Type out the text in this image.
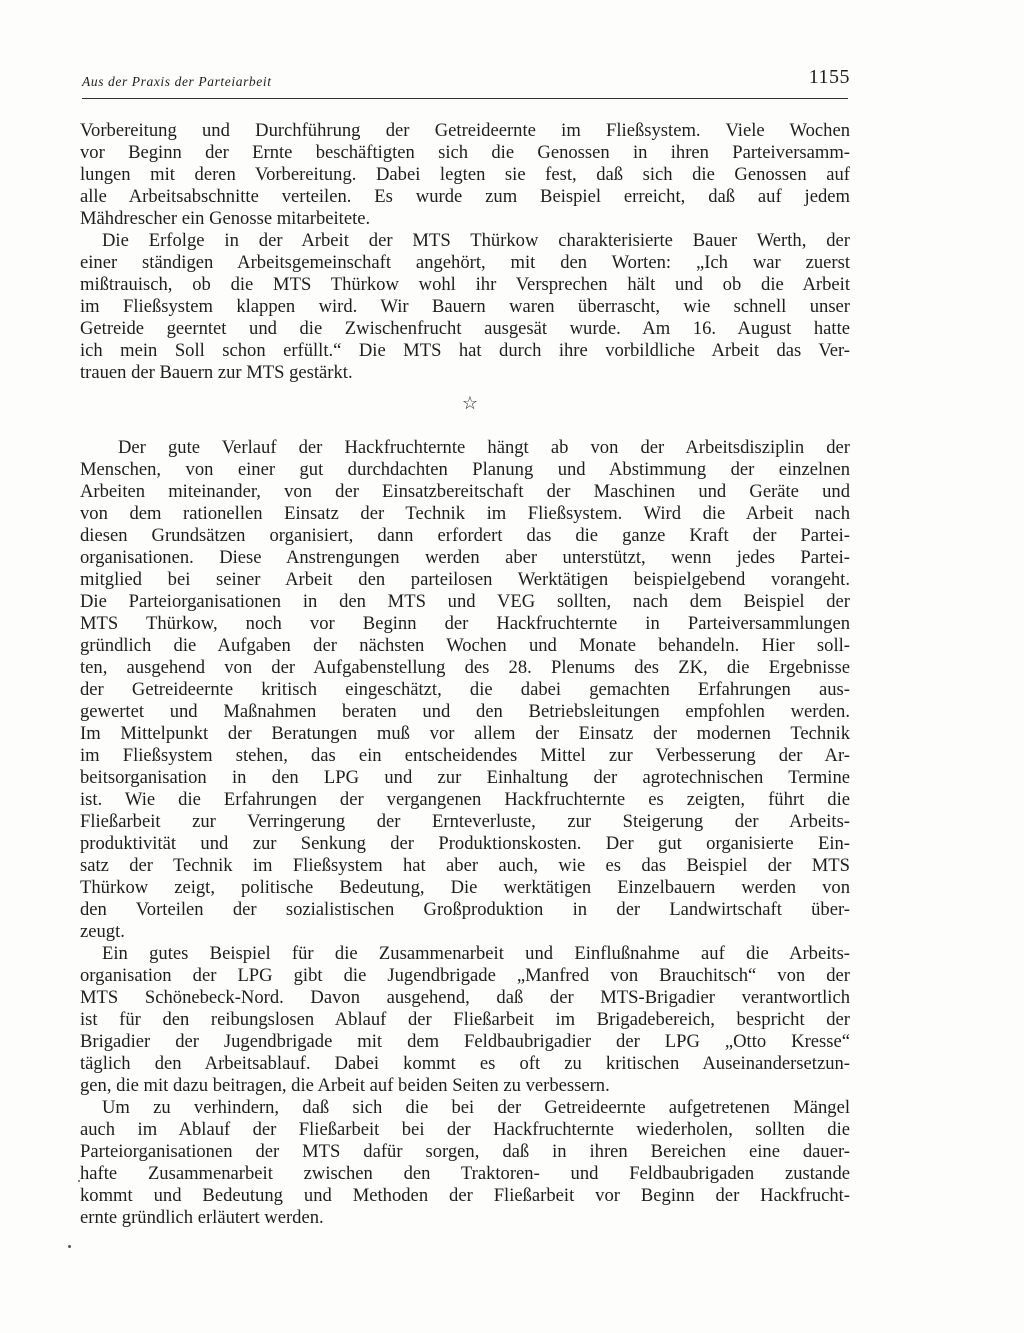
Aus der Praxis der Parteiarbeit	1155
Vorbereitung und Durchführung der Getreideernte im Fließsystem. Viele Wochen
vor Beginn der Ernte beschäftigten sich die Genossen in ihren Parteiversamm-
lungen mit deren Vorbereitung. Dabei legten sie fest, daß sich die Genossen auf
alle Arbeitsabschnitte verteilen. Es wurde zum Beispiel erreicht, daß auf jedem
Mähdrescher ein Genosse mitarbeitete.
Die Erfolge in der Arbeit der MTS Thürkow charakterisierte Bauer Werth, der
einer ständigen Arbeitsgemeinschaft angehört, mit den Worten: „Ich war zuerst
mißtrauisch, ob die MTS Thürkow wohl ihr Versprechen hält und ob die Arbeit
im Fließsystem klappen wird. Wir Bauern waren überrascht, wie schnell unser
Getreide geerntet und die Zwischenfrucht ausgesät wurde. Am 16. August hatte
ich mein Soll schon erfüllt.“ Die MTS hat durch ihre vorbildliche Arbeit das Ver-
trauen der Bauern zur MTS gestärkt.
☆
Der gute Verlauf der Hackfruchternte hängt ab von der Arbeitsdisziplin der
Menschen, von einer gut durchdachten Planung und Abstimmung der einzelnen
Arbeiten miteinander, von der Einsatzbereitschaft der Maschinen und Geräte und
von dem rationellen Einsatz der Technik im Fließsystem. Wird die Arbeit nach
diesen Grundsätzen organisiert, dann erfordert das die ganze Kraft der Partei-
organisationen. Diese Anstrengungen werden aber unterstützt, wenn jedes Partei-
mitglied bei seiner Arbeit den parteilosen Werktätigen beispielgebend vorangeht.
Die Parteiorganisationen in den MTS und VEG sollten, nach dem Beispiel der
MTS Thürkow, noch vor Beginn der Hackfruchternte in Parteiversammlungen
gründlich die Aufgaben der nächsten Wochen und Monate behandeln. Hier soll-
ten, ausgehend von der Aufgabenstellung des 28. Plenums des ZK, die Ergebnisse
der Getreideernte kritisch eingeschätzt, die dabei gemachten Erfahrungen aus-
gewertet und Maßnahmen beraten und den Betriebsleitungen empfohlen werden.
Im Mittelpunkt der Beratungen muß vor allem der Einsatz der modernen Technik
im Fließsystem stehen, das ein entscheidendes Mittel zur Verbesserung der Ar-
beitsorganisation in den LPG und zur Einhaltung der agrotechnischen Termine
ist. Wie die Erfahrungen der vergangenen Hackfruchternte es zeigten, führt die
Fließarbeit zur Verringerung der Ernteverluste, zur Steigerung der Arbeits-
produktivität und zur Senkung der Produktionskosten. Der gut organisierte Ein-
satz der Technik im Fließsystem hat aber auch, wie es das Beispiel der MTS
Thürkow zeigt, politische Bedeutung, Die werktätigen Einzelbauern werden von
den Vorteilen der sozialistischen Großproduktion in der Landwirtschaft über-
zeugt.
Ein gutes Beispiel für die Zusammenarbeit und Einflußnahme auf die Arbeits-
organisation der LPG gibt die Jugendbrigade „Manfred von Brauchitsch“ von der
MTS Schönebeck-Nord. Davon ausgehend, daß der MTS-Brigadier verantwortlich
ist für den reibungslosen Ablauf der Fließarbeit im Brigadebereich, bespricht der
Brigadier der Jugendbrigade mit dem Feldbaubrigadier der LPG „Otto Kresse“
täglich den Arbeitsablauf. Dabei kommt es oft zu kritischen Auseinandersetzun-
gen, die mit dazu beitragen, die Arbeit auf beiden Seiten zu verbessern.
Um zu verhindern, daß sich die bei der Getreideernte aufgetretenen Mängel
auch im Ablauf der Fließarbeit bei der Hackfruchternte wiederholen, sollten die
Parteiorganisationen der MTS dafür sorgen, daß in ihren Bereichen eine dauer-
hafte Zusammenarbeit zwischen den Traktoren- und Feldbaubrigaden zustande
kommt und Bedeutung und Methoden der Fließarbeit vor Beginn der Hackfrucht-
ernte gründlich erläutert werden.
